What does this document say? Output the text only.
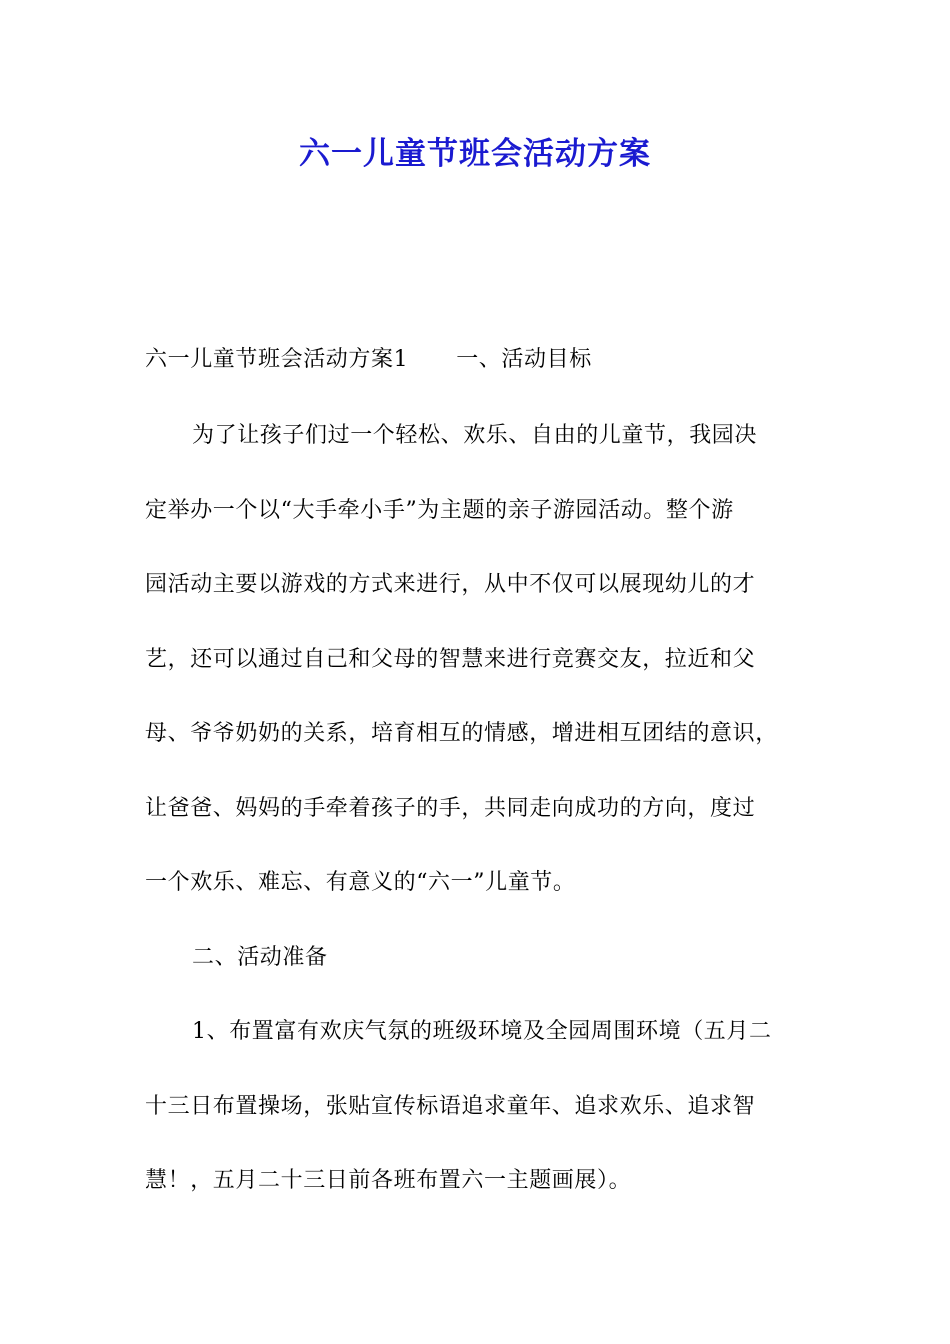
六一儿童节班会活动方案
六一儿童节班会活动方案1 一、活动目标
为了让孩子们过一个轻松、欢乐、自由的儿童节，我园决
定举办一个以“大手牵小手”为主题的亲子游园活动。整个游
园活动主要以游戏的方式来进行，从中不仅可以展现幼儿的才
艺，还可以通过自己和父母的智慧来进行竞赛交友，拉近和父
母、爷爷奶奶的关系，培育相互的情感，增进相互团结的意识，
让爸爸、妈妈的手牵着孩子的手，共同走向成功的方向，度过
一个欢乐、难忘、有意义的“六一”儿童节。
二、活动准备
1、布置富有欢庆气氛的班级环境及全园周围环境（五月二
十三日布置操场，张贴宣传标语追求童年、追求欢乐、追求智
慧！，五月二十三日前各班布置六一主题画展）。
